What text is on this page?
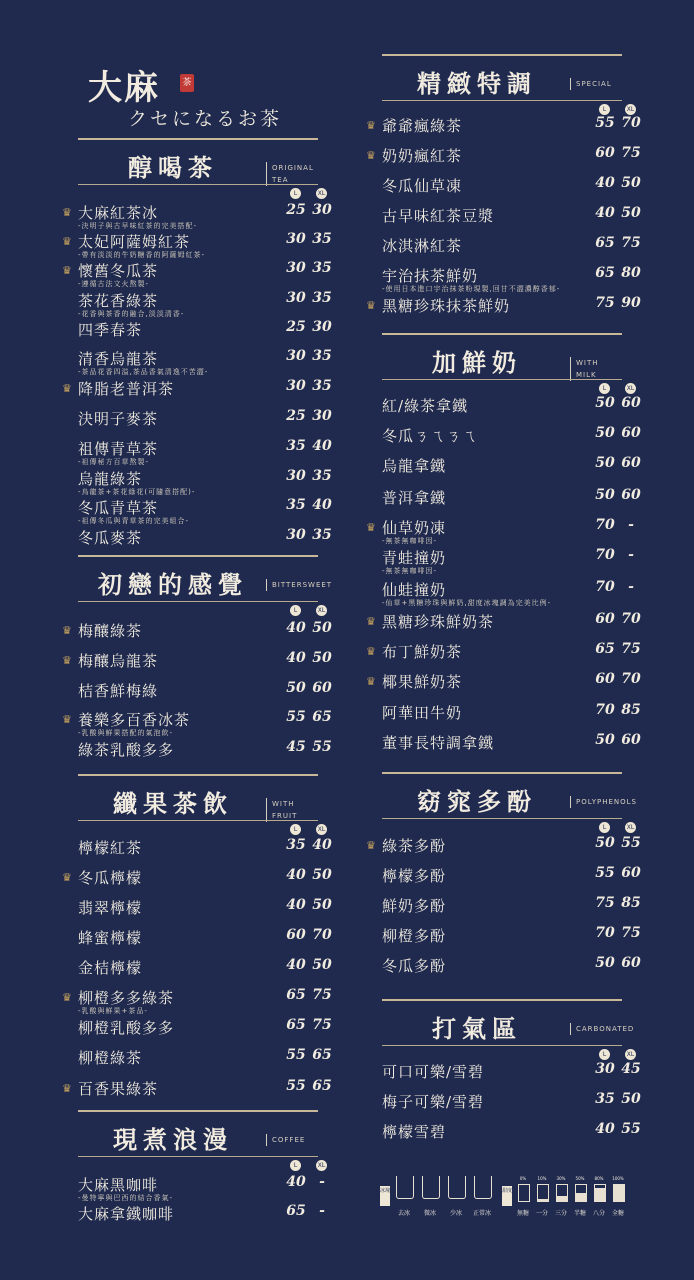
大麻 茶
クセになるお茶
醇喝茶	ORIGINAL TEA
L	XL
♛ 大麻紅茶冰
-決明子與古早味紅茶的完美搭配-
25 30
♛ 太妃阿薩姆紅茶
-帶有淡淡的牛奶糖香的阿薩姆紅茶-
30 35
♛ 懷舊冬瓜茶
-遵循古法文火熬製-
30 35
茶花香綠茶
-花香與茶香的融合,淡淡清香-
30 35
四季春茶	25 30
清香烏龍茶
-茶品花香四溢,茶品香氣清逸不苦澀-
30 35
♛ 降脂老普洱茶	30 35
決明子麥茶	25 30
祖傳青草茶
-祖傳秘方百草熬製-
35 40
烏龍綠茶
-烏龍茶+茶花綠花(可隨意搭配)-
30 35
冬瓜青草茶
-祖傳冬瓜與青草茶的完美組合-
35 40
冬瓜麥茶	30 35
初戀的感覺	BITTERSWEET
L	XL
♛ 梅釀綠茶	40 50
♛ 梅釀烏龍茶	40 50
桔香鮮梅綠	50 60
♛ 養樂多百香冰茶
-乳酸與鮮果搭配的氣泡飲-
55 65
綠茶乳酸多多	45 55
纖果茶飲	WITH FRUIT
L	XL
檸檬紅茶	35 40
♛ 冬瓜檸檬	40 50
翡翠檸檬	40 50
蜂蜜檸檬	60 70
金桔檸檬	40 50
♛ 柳橙多多綠茶
-乳酸與鮮果+茶品-
65 75
柳橙乳酸多多	65 75
柳橙綠茶	55 65
♛ 百香果綠茶	55 65
現煮浪漫	COFFEE
L	XL
大麻黑咖啡
-曼特寧與巴西的結合香氣-
40 -
大麻拿鐵咖啡	65 -
精緻特調	SPECIAL
L	XL
♛ 爺爺瘋綠茶	55 70
♛ 奶奶瘋紅茶	60 75
冬瓜仙草凍	40 50
古早味紅茶豆漿	40 50
冰淇淋紅茶	65 75
宇治抹茶鮮奶
-使用日本進口宇治抹茶粉現製,回甘不澀濃醇香郁-
65 80
♛ 黑糖珍珠抹茶鮮奶	75 90
加鮮奶	WITH MILK
L	XL
紅/綠茶拿鐵	50 60
冬瓜ㄋㄟㄋㄟ	50 60
烏龍拿鐵	50 60
普洱拿鐵	50 60
♛ 仙草奶凍
-無茶無咖啡因-
70 -
青蛙撞奶
-無茶無咖啡因-
70 -
仙蛙撞奶
-仙草+黑糖珍珠與鮮奶,甜度冰塊調為完美比例-
70 -
♛ 黑糖珍珠鮮奶茶	60 70
♛ 布丁鮮奶茶	65 75
♛ 椰果鮮奶茶	60 70
阿華田牛奶	70 85
董事長特調拿鐵	50 60
窈窕多酚	POLYPHENOLS
L	XL
♛ 綠茶多酚	50 55
檸檬多酚	55 60
鮮奶多酚	75 85
柳橙多酚	70 75
冬瓜多酚	50 60
打氣區	CARBONATED
L	XL
可口可樂/雪碧	30 45
梅子可樂/雪碧	35 50
檸檬雪碧	40 55
冰塊
去冰	微冰	少冰	正常冰
甜度
0%
無糖
10%
一分
30%
三分
50%
半糖
80%
八分
100%
全糖
